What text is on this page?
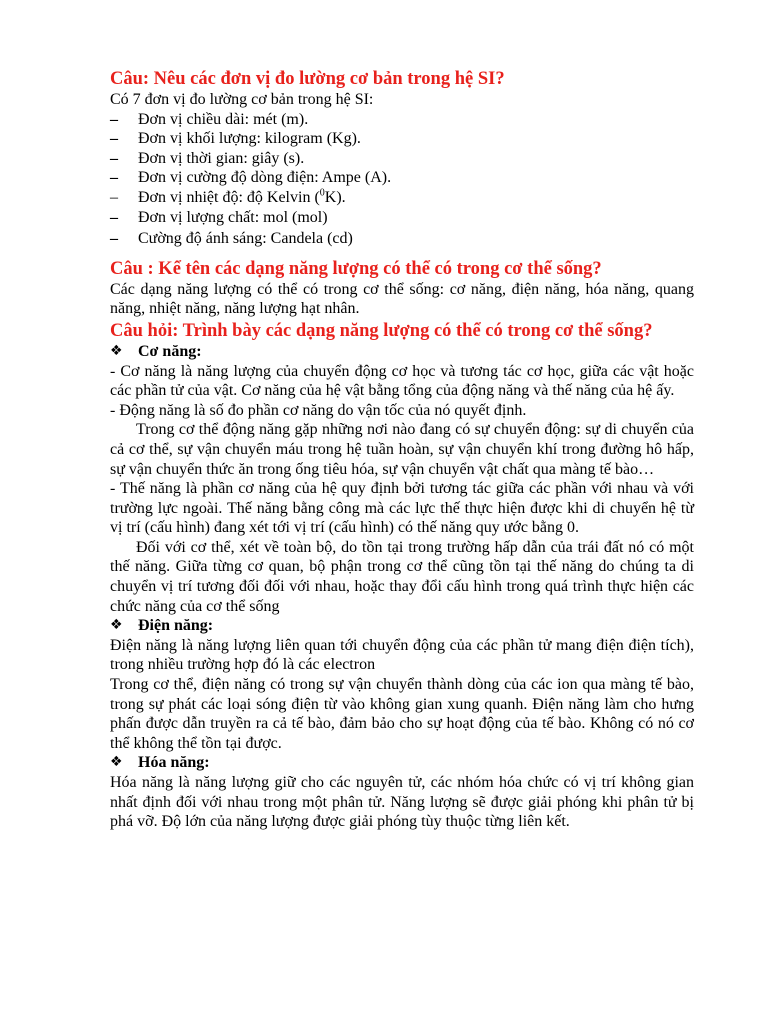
Câu: Nêu các đơn vị đo lường cơ bản trong hệ SI?

Có 7 đơn vị đo lường cơ bản trong hệ SI:

–	Đơn vị chiều dài: mét (m).
–	Đơn vị khối lượng: kilogram (Kg).
–	Đơn vị thời gian: giây (s).
–	Đơn vị cường độ dòng điện: Ampe (A).
–	Đơn vị nhiệt độ: độ Kelvin ($^0$K).
–	Đơn vị lượng chất: mol (mol)
–	Cường độ ánh sáng: Candela (cd)

Câu : Kể tên các dạng năng lượng có thể có trong cơ thể sống?

Các dạng năng lượng có thể có trong cơ thể sống: cơ năng, điện năng, hóa năng, quang năng, nhiệt năng, năng lượng hạt nhân.

Câu hỏi: Trình bày các dạng năng lượng có thể có trong cơ thể sống?

❖ Cơ năng:

- Cơ năng là năng lượng của chuyển động cơ học và tương tác cơ học, giữa các vật hoặc các phần tử của vật. Cơ năng của hệ vật bằng tổng của động năng và thế năng của hệ ấy.

- Động năng là số đo phần cơ năng do vận tốc của nó quyết định.

Trong cơ thể động năng gặp những nơi nào đang có sự chuyển động: sự di chuyển của cả cơ thể, sự vận chuyển máu trong hệ tuần hoàn, sự vận chuyển khí trong đường hô hấp, sự vận chuyển thức ăn trong ống tiêu hóa, sự vận chuyển vật chất qua màng tế bào…

- Thế năng là phần cơ năng của hệ quy định bởi tương tác giữa các phần với nhau và với trường lực ngoài. Thế năng bằng công mà các lực thế thực hiện được khi di chuyển hệ từ vị trí (cấu hình) đang xét tới vị trí (cấu hình) có thế năng quy ước bằng 0.

Đối với cơ thể, xét về toàn bộ, do tồn tại trong trường hấp dẫn của trái đất nó có một thế năng. Giữa từng cơ quan, bộ phận trong cơ thể cũng tồn tại thế năng do chúng ta di chuyển vị trí tương đối đối với nhau, hoặc thay đổi cấu hình trong quá trình thực hiện các chức năng của cơ thể sống

❖ Điện năng:

Điện năng là năng lượng liên quan tới chuyển động của các phần tử mang điện điện tích), trong nhiều trường hợp đó là các electron

Trong cơ thể, điện năng có trong sự vận chuyển thành dòng của các ion qua màng tế bào, trong sự phát các loại sóng điện từ vào không gian xung quanh. Điện năng làm cho hưng phấn được dẫn truyền ra cả tế bào, đảm bảo cho sự hoạt động của tế bào. Không có nó cơ thể không thể tồn tại được.

❖ Hóa năng:

Hóa năng là năng lượng giữ cho các nguyên tử, các nhóm hóa chức có vị trí không gian nhất định đối với nhau trong một phân tử. Năng lượng sẽ được giải phóng khi phân tử bị phá vỡ. Độ lớn của năng lượng được giải phóng tùy thuộc từng liên kết.
